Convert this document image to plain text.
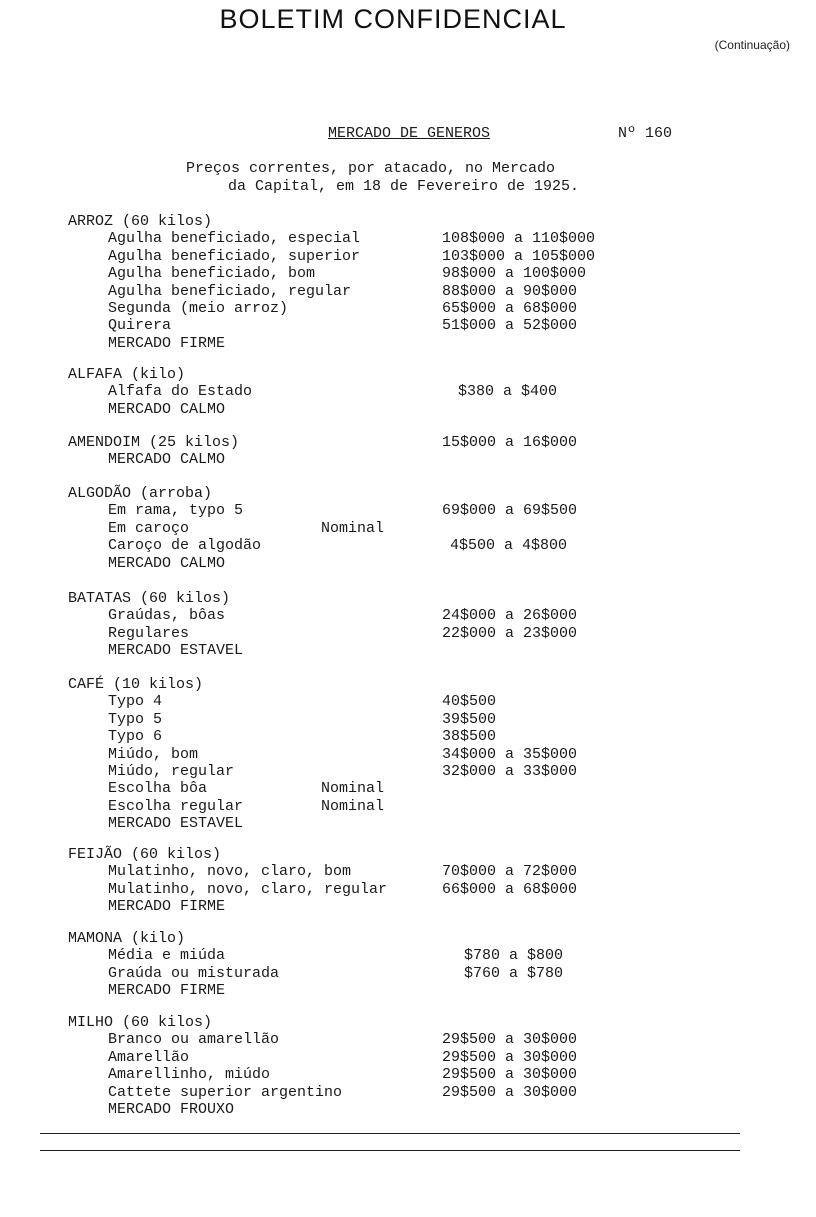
BOLETIM CONFIDENCIAL
(Continuação)
MERCADO DE GENEROS	Nº 160
Preços correntes, por atacado, no Mercado
da Capital, em 18 de Fevereiro de 1925.
ARROZ (60 kilos)
Agulha beneficiado, especial	108$000 a 110$000
Agulha beneficiado, superior	103$000 a 105$000
Agulha beneficiado, bom	98$000 a 100$000
Agulha beneficiado, regular	88$000 a 90$000
Segunda (meio arroz)	65$000 a 68$000
Quirera	51$000 a 52$000
MERCADO FIRME
ALFAFA (kilo)
Alfafa do Estado	$380 a $400
MERCADO CALMO
AMENDOIM (25 kilos)	15$000 a 16$000
MERCADO CALMO
ALGODÃO (arroba)
Em rama, typo 5	69$000 a 69$500
Em caroço	Nominal
Caroço de algodão	4$500 a 4$800
MERCADO CALMO
BATATAS (60 kilos)
Graúdas, bôas	24$000 a 26$000
Regulares	22$000 a 23$000
MERCADO ESTAVEL
CAFÉ (10 kilos)
Typo 4	40$500
Typo 5	39$500
Typo 6	38$500
Miúdo, bom	34$000 a 35$000
Miúdo, regular	32$000 a 33$000
Escolha bôa	Nominal
Escolha regular	Nominal
MERCADO ESTAVEL
FEIJÃO (60 kilos)
Mulatinho, novo, claro, bom	70$000 a 72$000
Mulatinho, novo, claro, regular	66$000 a 68$000
MERCADO FIRME
MAMONA (kilo)
Média e miúda	$780 a $800
Graúda ou misturada	$760 a $780
MERCADO FIRME
MILHO (60 kilos)
Branco ou amarellão	29$500 a 30$000
Amarellão	29$500 a 30$000
Amarellinho, miúdo	29$500 a 30$000
Cattete superior argentino	29$500 a 30$000
MERCADO FROUXO
